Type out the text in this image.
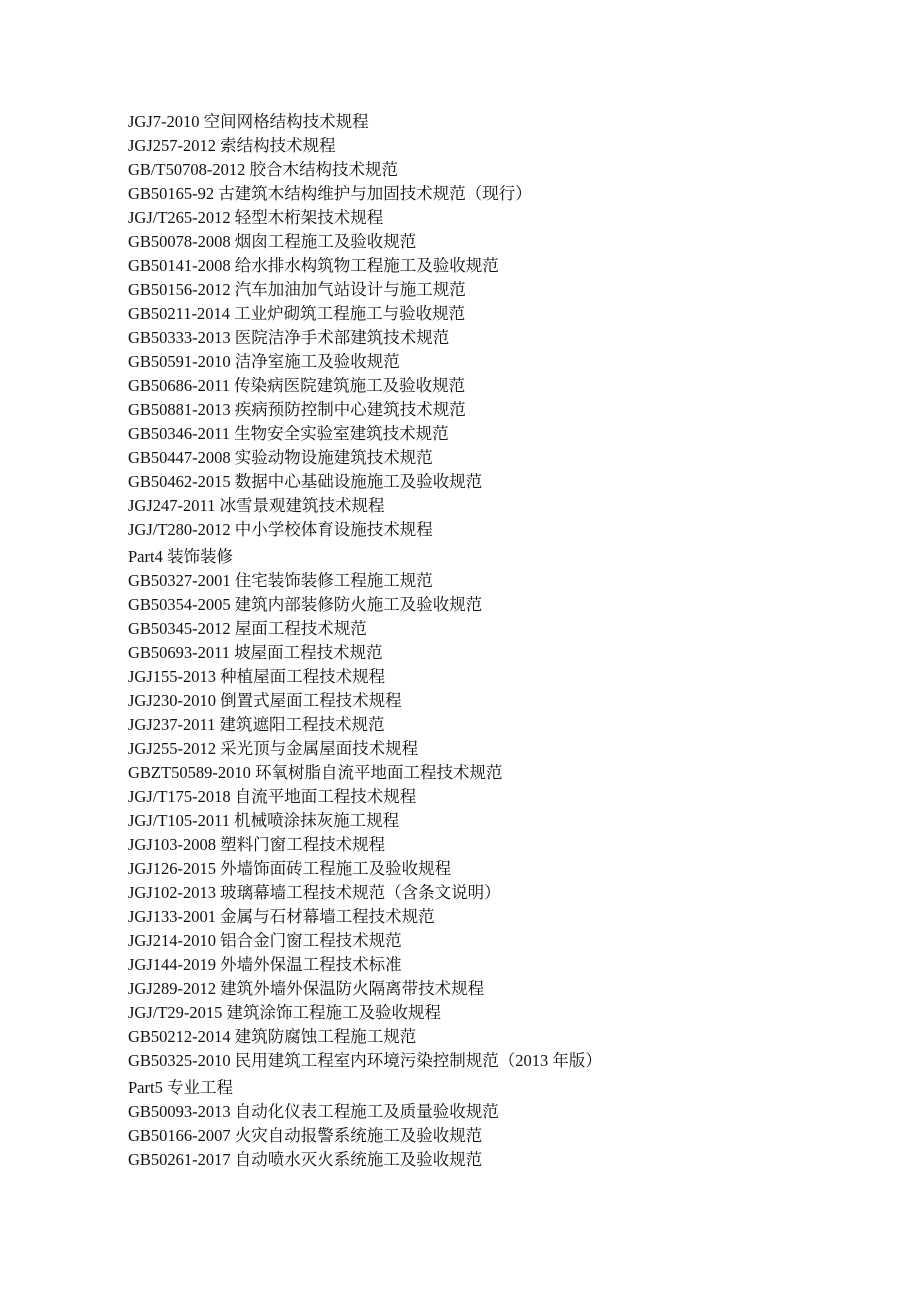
JGJ7-2010 空间网格结构技术规程
JGJ257-2012 索结构技术规程
GB/T50708-2012 胶合木结构技术规范
GB50165-92 古建筑木结构维护与加固技术规范（现行）
JGJ/T265-2012 轻型木桁架技术规程
GB50078-2008 烟囱工程施工及验收规范
GB50141-2008 给水排水构筑物工程施工及验收规范
GB50156-2012 汽车加油加气站设计与施工规范
GB50211-2014 工业炉砌筑工程施工与验收规范
GB50333-2013 医院洁净手术部建筑技术规范
GB50591-2010 洁净室施工及验收规范
GB50686-2011 传染病医院建筑施工及验收规范
GB50881-2013 疾病预防控制中心建筑技术规范
GB50346-2011 生物安全实验室建筑技术规范
GB50447-2008 实验动物设施建筑技术规范
GB50462-2015 数据中心基础设施施工及验收规范
JGJ247-2011 冰雪景观建筑技术规程
JGJ/T280-2012 中小学校体育设施技术规程
Part4 装饰装修
GB50327-2001 住宅装饰装修工程施工规范
GB50354-2005 建筑内部装修防火施工及验收规范
GB50345-2012 屋面工程技术规范
GB50693-2011 坡屋面工程技术规范
JGJ155-2013 种植屋面工程技术规程
JGJ230-2010 倒置式屋面工程技术规程
JGJ237-2011 建筑遮阳工程技术规范
JGJ255-2012 采光顶与金属屋面技术规程
GBZT50589-2010 环氧树脂自流平地面工程技术规范
JGJ/T175-2018 自流平地面工程技术规程
JGJ/T105-2011 机械喷涂抹灰施工规程
JGJ103-2008 塑料门窗工程技术规程
JGJ126-2015 外墙饰面砖工程施工及验收规程
JGJ102-2013 玻璃幕墙工程技术规范（含条文说明）
JGJ133-2001 金属与石材幕墙工程技术规范
JGJ214-2010 铝合金门窗工程技术规范
JGJ144-2019 外墙外保温工程技术标准
JGJ289-2012 建筑外墙外保温防火隔离带技术规程
JGJ/T29-2015 建筑涂饰工程施工及验收规程
GB50212-2014 建筑防腐蚀工程施工规范
GB50325-2010 民用建筑工程室内环境污染控制规范（2013 年版）
Part5 专业工程
GB50093-2013 自动化仪表工程施工及质量验收规范
GB50166-2007 火灾自动报警系统施工及验收规范
GB50261-2017 自动喷水灭火系统施工及验收规范
